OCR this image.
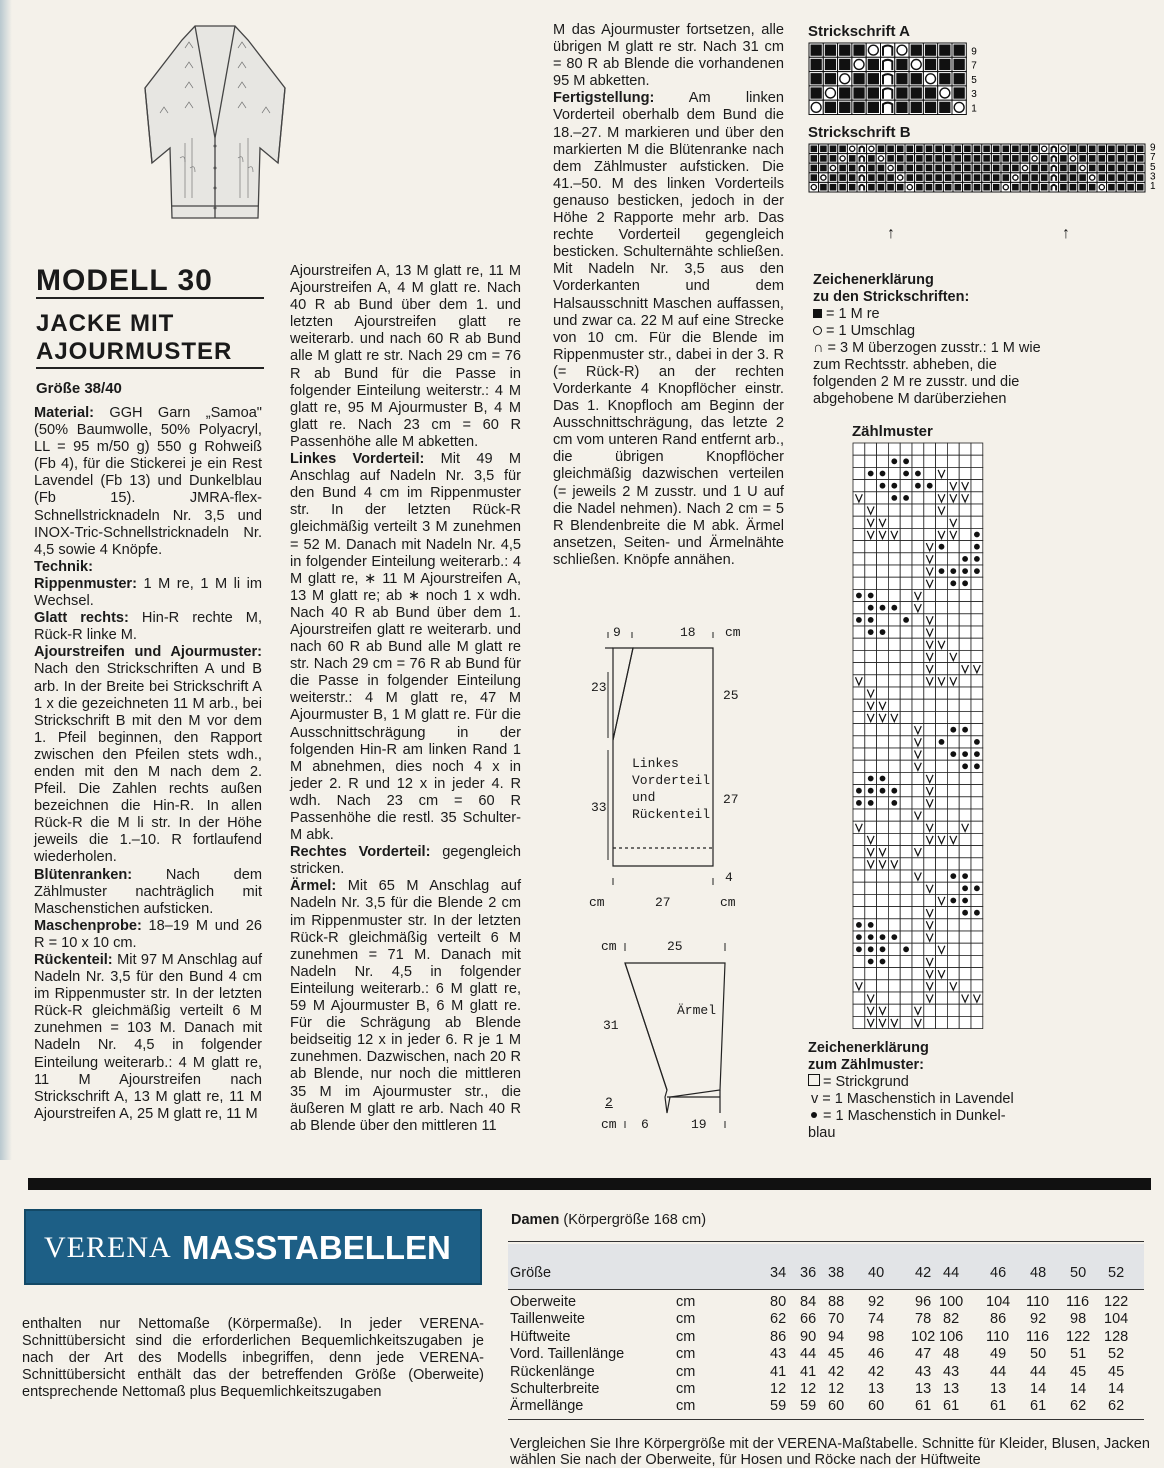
MODELL 30
JACKE MIT
AJOURMUSTER
Größe 38/40

Material: GGH Garn „Samoa" (50% Baumwolle, 50% Polyacryl, LL = 95 m/50 g) 550 g Rohweiß (Fb 4), für die Stickerei je ein Rest Lavendel (Fb 13) und Dunkelblau (Fb 15). JMRA-flex-Schnellstricknadeln Nr. 3,5 und INOX-Tric-Schnellstricknadeln Nr. 4,5 sowie 4 Knöpfe.

Technik:

Rippenmuster: 1 M re, 1 M li im Wechsel.

Glatt rechts: Hin-R rechte M, Rück-R linke M.

Ajourstreifen und Ajourmuster: Nach den Strickschriften A und B arb. In der Breite bei Strickschrift A 1 x die gezeichneten 11 M arb., bei Strickschrift B mit den M vor dem 1. Pfeil beginnen, den Rapport zwischen den Pfeilen stets wdh., enden mit den M nach dem 2. Pfeil. Die Zahlen rechts außen bezeichnen die Hin-R. In allen Rück-R die M li str. In der Höhe jeweils die 1.–10. R fortlaufend wiederholen.

Blütenranken: Nach dem Zählmuster nachträglich mit Maschenstichen aufsticken.

Maschenprobe: 18–19 M und 26 R = 10 x 10 cm.

Rückenteil: Mit 97 M Anschlag auf Nadeln Nr. 3,5 für den Bund 4 cm im Rippenmuster str. In der letzten Rück-R gleichmäßig verteilt 6 M zunehmen = 103 M. Danach mit Nadeln Nr. 4,5 in folgender Einteilung weiterarb.: 4 M glatt re, 11 M Ajourstreifen nach Strickschrift A, 13 M glatt re, 11 M Ajourstreifen A, 25 M glatt re, 11 M

Ajourstreifen A, 13 M glatt re, 11 M Ajourstreifen A, 4 M glatt re. Nach 40 R ab Bund über dem 1. und letzten Ajourstreifen glatt re weiterarb. und nach 60 R ab Bund alle M glatt re str. Nach 29 cm = 76 R ab Bund für die Passe in folgender Einteilung weiterstr.: 4 M glatt re, 95 M Ajourmuster B, 4 M glatt re. Nach 23 cm = 60 R Passenhöhe alle M abketten.

Linkes Vorderteil: Mit 49 M Anschlag auf Nadeln Nr. 3,5 für den Bund 4 cm im Rippenmuster str. In der letzten Rück-R gleichmäßig verteilt 3 M zunehmen = 52 M. Danach mit Nadeln Nr. 4,5 in folgender Einteilung weiterarb.: 4 M glatt re, ∗ 11 M Ajourstreifen A, 13 M glatt re; ab ∗ noch 1 x wdh. Nach 40 R ab Bund über dem 1. Ajourstreifen glatt re weiterarb. und nach 60 R ab Bund alle M glatt re str. Nach 29 cm = 76 R ab Bund für die Passe in folgender Einteilung weiterstr.: 4 M glatt re, 47 M Ajourmuster B, 1 M glatt re. Für die Ausschnittschrägung in der folgenden Hin-R am linken Rand 1 M abnehmen, dies noch 4 x in jeder 2. R und 12 x in jeder 4. R wdh. Nach 23 cm = 60 R Passenhöhe die restl. 35 Schulter-M abk.

Rechtes Vorderteil: gegengleich stricken.

Ärmel: Mit 65 M Anschlag auf Nadeln Nr. 3,5 für die Blende 2 cm im Rippenmuster str. In der letzten Rück-R gleichmäßig verteilt 6 M zunehmen = 71 M. Danach mit Nadeln Nr. 4,5 in folgender Einteilung weiterarb.: 6 M glatt re, 59 M Ajourmuster B, 6 M glatt re. Für die Schrägung ab Blende beidseitig 12 x in jeder 6. R je 1 M zunehmen. Dazwischen, nach 20 R ab Blende, nur noch die mittleren 35 M im Ajourmuster str., die äußeren M glatt re arb. Nach 40 R ab Blende über den mittleren 11

M das Ajourmuster fortsetzen, alle übrigen M glatt re str. Nach 31 cm = 80 R ab Blende die vorhandenen 95 M abketten.

Fertigstellung: Am linken Vorderteil oberhalb dem Bund die 18.–27. M markieren und über den markierten M die Blütenranke nach dem Zählmuster aufsticken. Die 41.–50. M des linken Vorderteils genauso besticken, jedoch in der Höhe 2 Rapporte mehr arb. Das rechte Vorderteil gegengleich besticken. Schulternähte schließen. Mit Nadeln Nr. 3,5 aus den Vorderkanten und dem Halsausschnitt Maschen auffassen, und zwar ca. 22 M auf eine Strecke von 10 cm. Für die Blende im Rippenmuster str., dabei in der 3. R (= Rück-R) an der rechten Vorderkante 4 Knopflöcher einstr. Das 1. Knopfloch am Beginn der Ausschnittschrägung, das letzte 2 cm vom unteren Rand entfernt arb., die übrigen Knopflöcher gleichmäßig dazwischen verteilen (= jeweils 2 M zusstr. und 1 U auf die Nadel nehmen). Nach 2 cm = 5 R Blendenbreite die M abk. Ärmel ansetzen, Seiten- und Ärmelnähte schließen. Knöpfe annähen.

Strickschrift A
9
7
5
3
1
Strickschrift B
9
7
5
3
1
↑	↑
Zeichenerklärung
zu den Strickschriften:
= 1 M re
= 1 Umschlag
∩ = 3 M überzogen zusstr.: 1 M wie zum Rechtsstr. abheben, die folgenden 2 M re zusstr. und die abgehobene M darüberziehen
Zählmuster
Zeichenerklärung
zum Zählmuster:
= Strickgrund
v = 1 Maschenstich in Lavendel
= 1 Maschenstich in Dunkel-
blau
9	18 cm
23
33
25
27
4
cm	27	cm
Linkes
Vorderteil
und
Rückenteil
cm	25
31
2
Ärmel
cm 6	19
VERENA MASSTABELLEN
enthalten nur Nettomaße (Körpermaße). In jeder VERENA-Schnittübersicht sind die erforderlichen Bequemlichkeitszugaben je nach der Art des Modells inbegriffen, denn jede VERENA-Schnittübersicht enthält das der betreffenden Größe (Oberweite) entsprechende Nettomaß plus Bequemlichkeitszugaben
Damen (Körpergröße 168 cm)
Größe	34 36 38 40 42 44 46 48 50 52
Oberweite	cm	80 84 88 92 96 100 104 110 116 122
Taillenweite	cm	62 66 70 74 78 82 86 92 98 104
Hüftweite	cm	86 90 94 98 102 106 110 116 122 128
Vord. Taillenlänge	cm	43 44 45 46 47 48 49 50 51 52
Rückenlänge	cm	41 41 42 42 43 43 44 44 45 45
Schulterbreite	cm	12 12 12 13 13 13 13 14 14 14
Ärmellänge	cm	59 59 60 60 61 61 61 61 62 62
Vergleichen Sie Ihre Körpergröße mit der VERENA-Maßtabelle. Schnitte für Kleider, Blusen, Jacken wählen Sie nach der Oberweite, für Hosen und Röcke nach der Hüftweite
